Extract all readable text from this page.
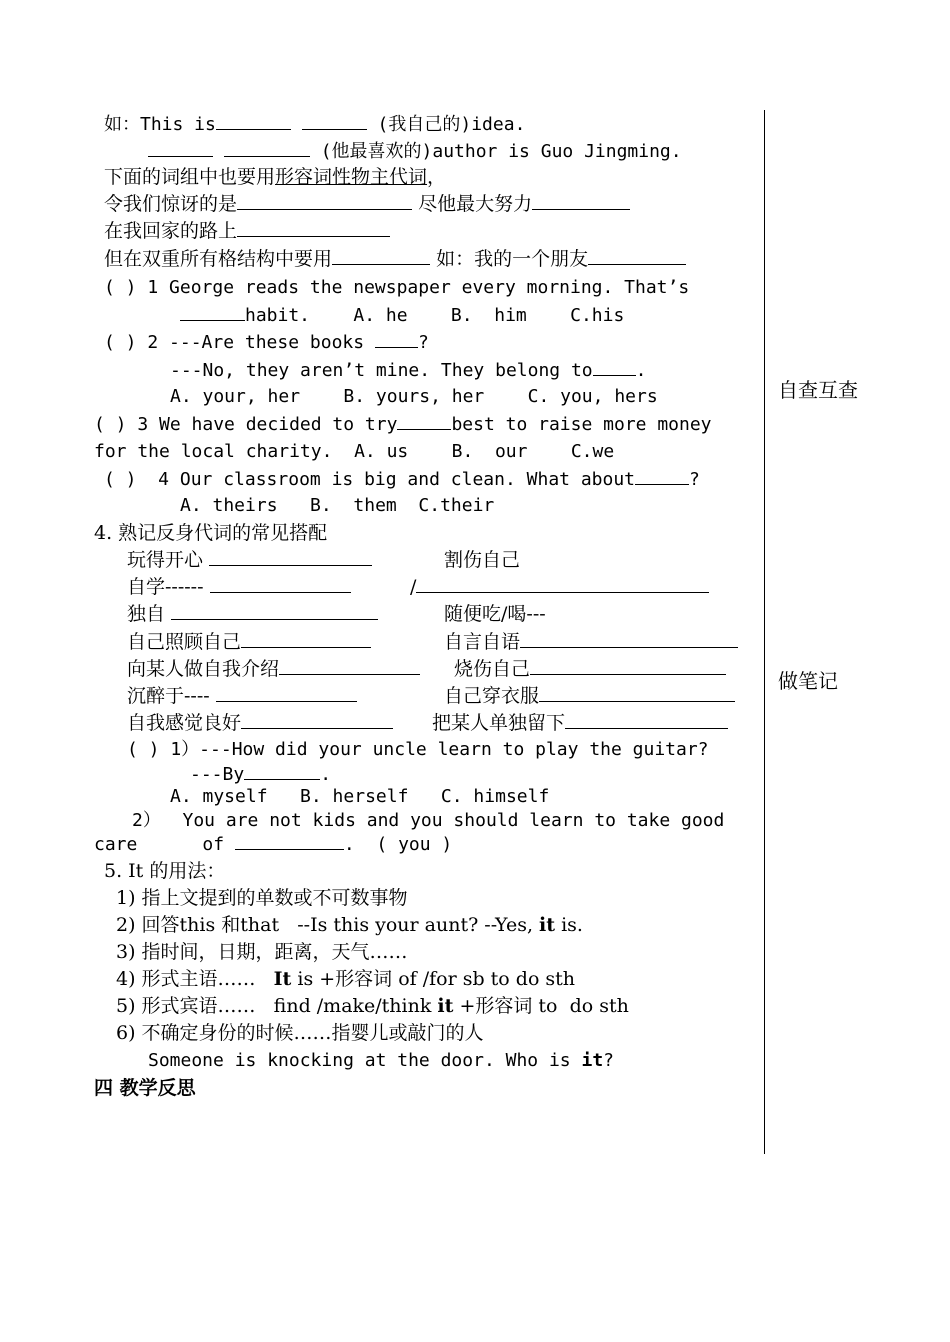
自查互查
做笔记
如：This is	(我自己的)idea.
(他最喜欢的)author is Guo Jingming.
下面的词组中也要用形容词性物主代词，
令我们惊讶的是	尽他最大努力
在我回家的路上
但在双重所有格结构中要用	如：我的一个朋友
( ) 1 George reads the newspaper every morning. That’s
habit.    A. he    B.  him    C.his
( ) 2 ---Are these books	?
---No, they aren’t mine. They belong to .
A. your, her    B. yours, her    C. you, hers
( ) 3 We have decided to try	best to raise more money
for the local charity.  A. us    B.  our    C.we
( )  4 Our classroom is big and clean. What about	?
A. theirs   B.  them  C.their
4. 熟记反身代词的常见搭配
玩得开心	割伤自己
自学------	/
独自	随便吃/喝---
自己照顾自己	自言自语
向某人做自我介绍	烧伤自己
沉醉于----	自己穿衣服
自我感觉良好	把某人单独留下
( ) 1）---How did your uncle learn to play the guitar?
---By	.
A. myself   B. herself   C. himself
2）  You are not kids and you should learn to take good
care      of	.  ( you )
5. It 的用法：
1) 指上文提到的单数或不可数事物
2) 回答this 和that   --Is this your aunt? --Yes, it is.
3) 指时间，日期，距离，天气……
4) 形式主语……   It is +形容词 of /for sb to do sth
5) 形式宾语……   find /make/think it +形容词 to  do sth
6) 不确定身份的时候……指婴儿或敲门的人
Someone is knocking at the door. Who is it?
四 教学反思
